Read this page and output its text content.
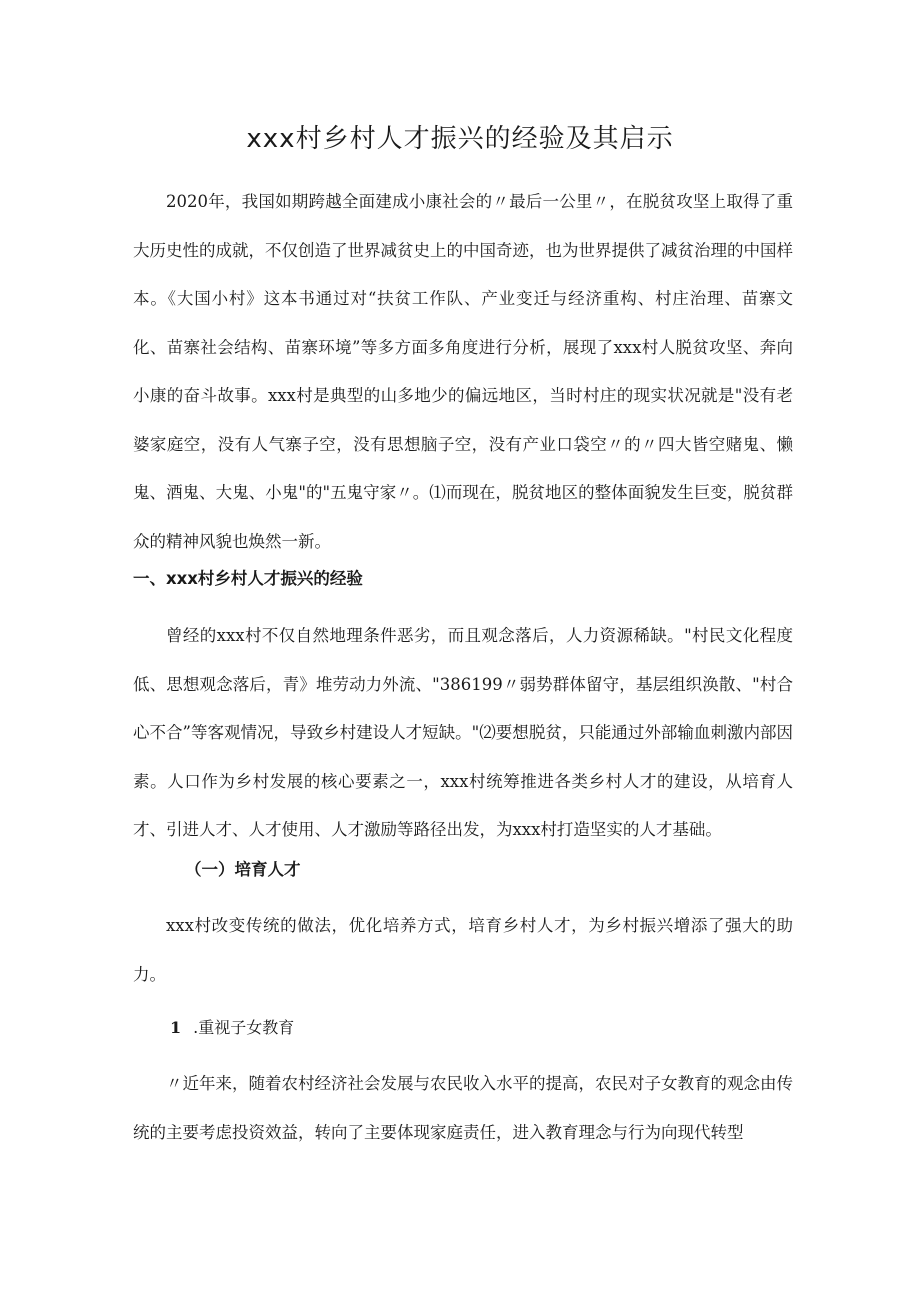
xxx村乡村人才振兴的经验及其启示

2020年，我国如期跨越全面建成小康社会的〃最后一公里〃，在脱贫攻坚上取得了重大历史性的成就，不仅创造了世界减贫史上的中国奇迹，也为世界提供了减贫治理的中国样本。《大国小村》这本书通过对“扶贫工作队、产业变迁与经济重构、村庄治理、苗寨文化、苗寨社会结构、苗寨环境”等多方面多角度进行分析，展现了xxx村人脱贫攻坚、奔向小康的奋斗故事。xxx村是典型的山多地少的偏远地区，当时村庄的现实状况就是"没有老婆家庭空，没有人气寨子空，没有思想脑子空，没有产业口袋空〃的〃四大皆空赌鬼、懒鬼、酒鬼、大鬼、小鬼"的"五鬼守家〃。⑴而现在，脱贫地区的整体面貌发生巨变，脱贫群众的精神风貌也焕然一新。

一、xxx村乡村人才振兴的经验

曾经的xxx村不仅自然地理条件恶劣，而且观念落后，人力资源稀缺。"村民文化程度低、思想观念落后，青》堆劳动力外流、"386199〃弱势群体留守，基层组织涣散、"村合心不合”等客观情况，导致乡村建设人才短缺。"⑵要想脱贫，只能通过外部输血刺激内部因素。人口作为乡村发展的核心要素之一，xxx村统筹推进各类乡村人才的建设，从培育人才、引进人才、人才使用、人才激励等路径出发，为xxx村打造坚实的人才基础。

（一）培育人才

xxx村改变传统的做法，优化培养方式，培育乡村人才，为乡村振兴增添了强大的助力。

1 .重视子女教育

〃近年来，随着农村经济社会发展与农民收入水平的提高，农民对子女教育的观念由传统的主要考虑投资效益，转向了主要体现家庭责任，进入教育理念与行为向现代转型
